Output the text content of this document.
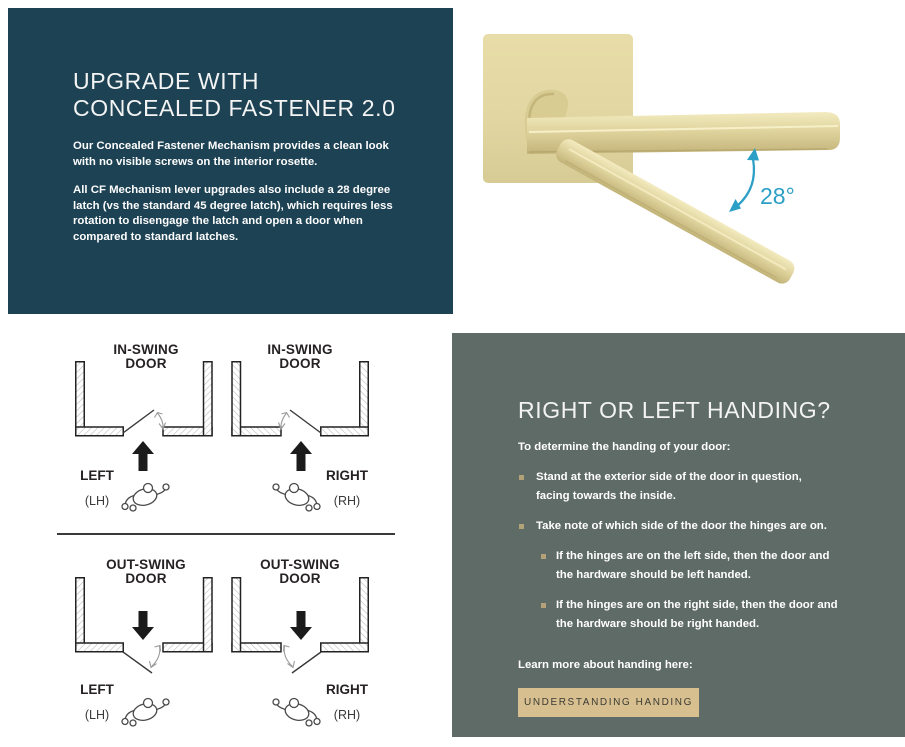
UPGRADE WITH CONCEALED FASTENER 2.0

Our Concealed Fastener Mechanism provides a clean look with no visible screws on the interior rosette.

All CF Mechanism lever upgrades also include a 28 degree latch (vs the standard 45 degree latch), which requires less rotation to disengage the latch and open a door when compared to standard latches.

28°
IN-SWING
DOOR
LEFT
(LH)
IN-SWING
DOOR
RIGHT
(RH)
OUT-SWING
DOOR
LEFT
(LH)
OUT-SWING
DOOR
RIGHT
(RH)
RIGHT OR LEFT HANDING?

To determine the handing of your door:

Stand at the exterior side of the door in question, facing towards the inside.
Take note of which side of the door the hinges are on.
If the hinges are on the left side, then the door and the hardware should be left handed.
If the hinges are on the right side, then the door and the hardware should be right handed.

Learn more about handing here:

UNDERSTANDING HANDING
